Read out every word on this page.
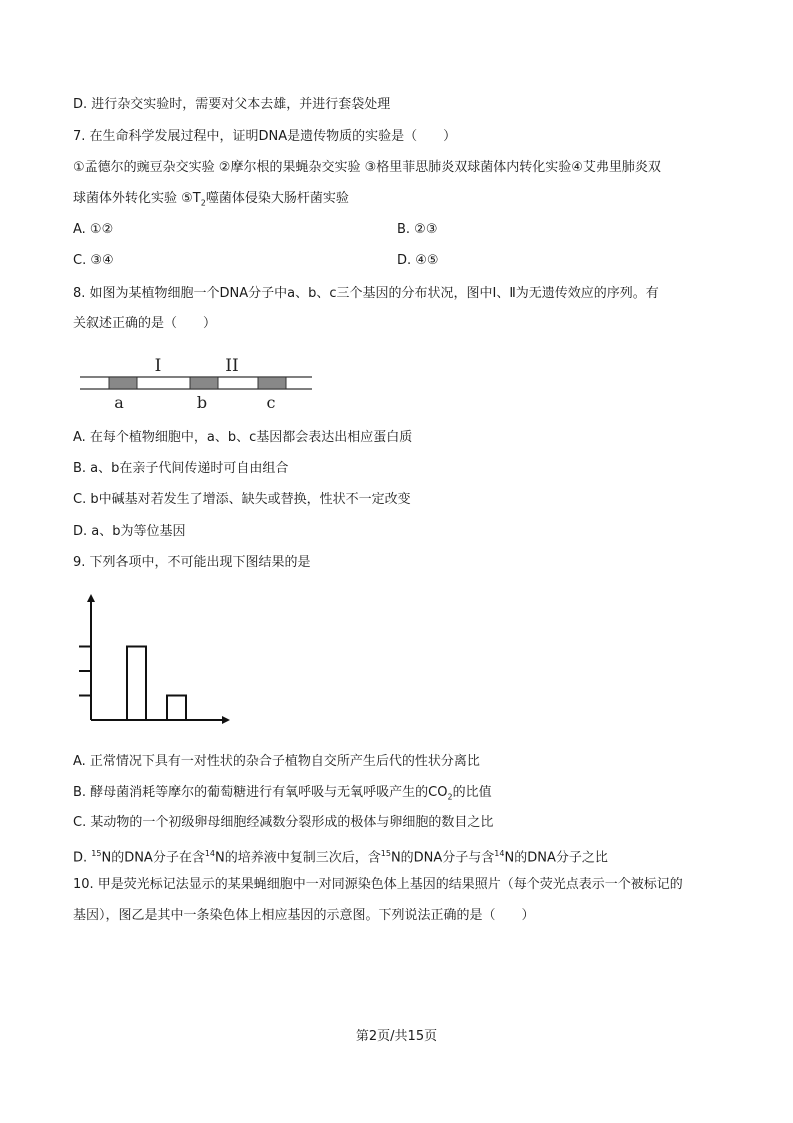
D. 进行杂交实验时，需要对父本去雄，并进行套袋处理
7. 在生命科学发展过程中，证明DNA是遗传物质的实验是（　　）
①孟德尔的豌豆杂交实验 ②摩尔根的果蝇杂交实验 ③格里菲思肺炎双球菌体内转化实验④艾弗里肺炎双
球菌体外转化实验 $⑤T_2$噬菌体侵染大肠杆菌实验
A. ①②	B. ②③
C. ③④	D. ④⑤
8. 如图为某植物细胞一个DNA分子中a、b、c三个基因的分布状况，图中Ⅰ、Ⅱ为无遗传效应的序列。有
关叙述正确的是（　　）
I	II
a	b	c
A. 在每个植物细胞中，a、b、c基因都会表达出相应蛋白质
B. a、b在亲子代间传递时可自由组合
C. b中碱基对若发生了增添、缺失或替换，性状不一定改变
D. a、b为等位基因
9. 下列各项中，不可能出现下图结果的是
A. 正常情况下具有一对性状的杂合子植物自交所产生后代的性状分离比
B. 酵母菌消耗等摩尔的葡萄糖进行有氧呼吸与无氧呼吸产生的$CO_2$的比值
C. 某动物的一个初级卵母细胞经减数分裂形成的极体与卵细胞的数目之比
D. $^{15}$N的DNA分子在含$^{14}$N的培养液中复制三次后，含$^{15}$N的DNA分子与含$^{14}$N的DNA分子之比
10. 甲是荧光标记法显示的某果蝇细胞中一对同源染色体上基因的结果照片（每个荧光点表示一个被标记的
基因），图乙是其中一条染色体上相应基因的示意图。下列说法正确的是（　　）
第2页/共15页
